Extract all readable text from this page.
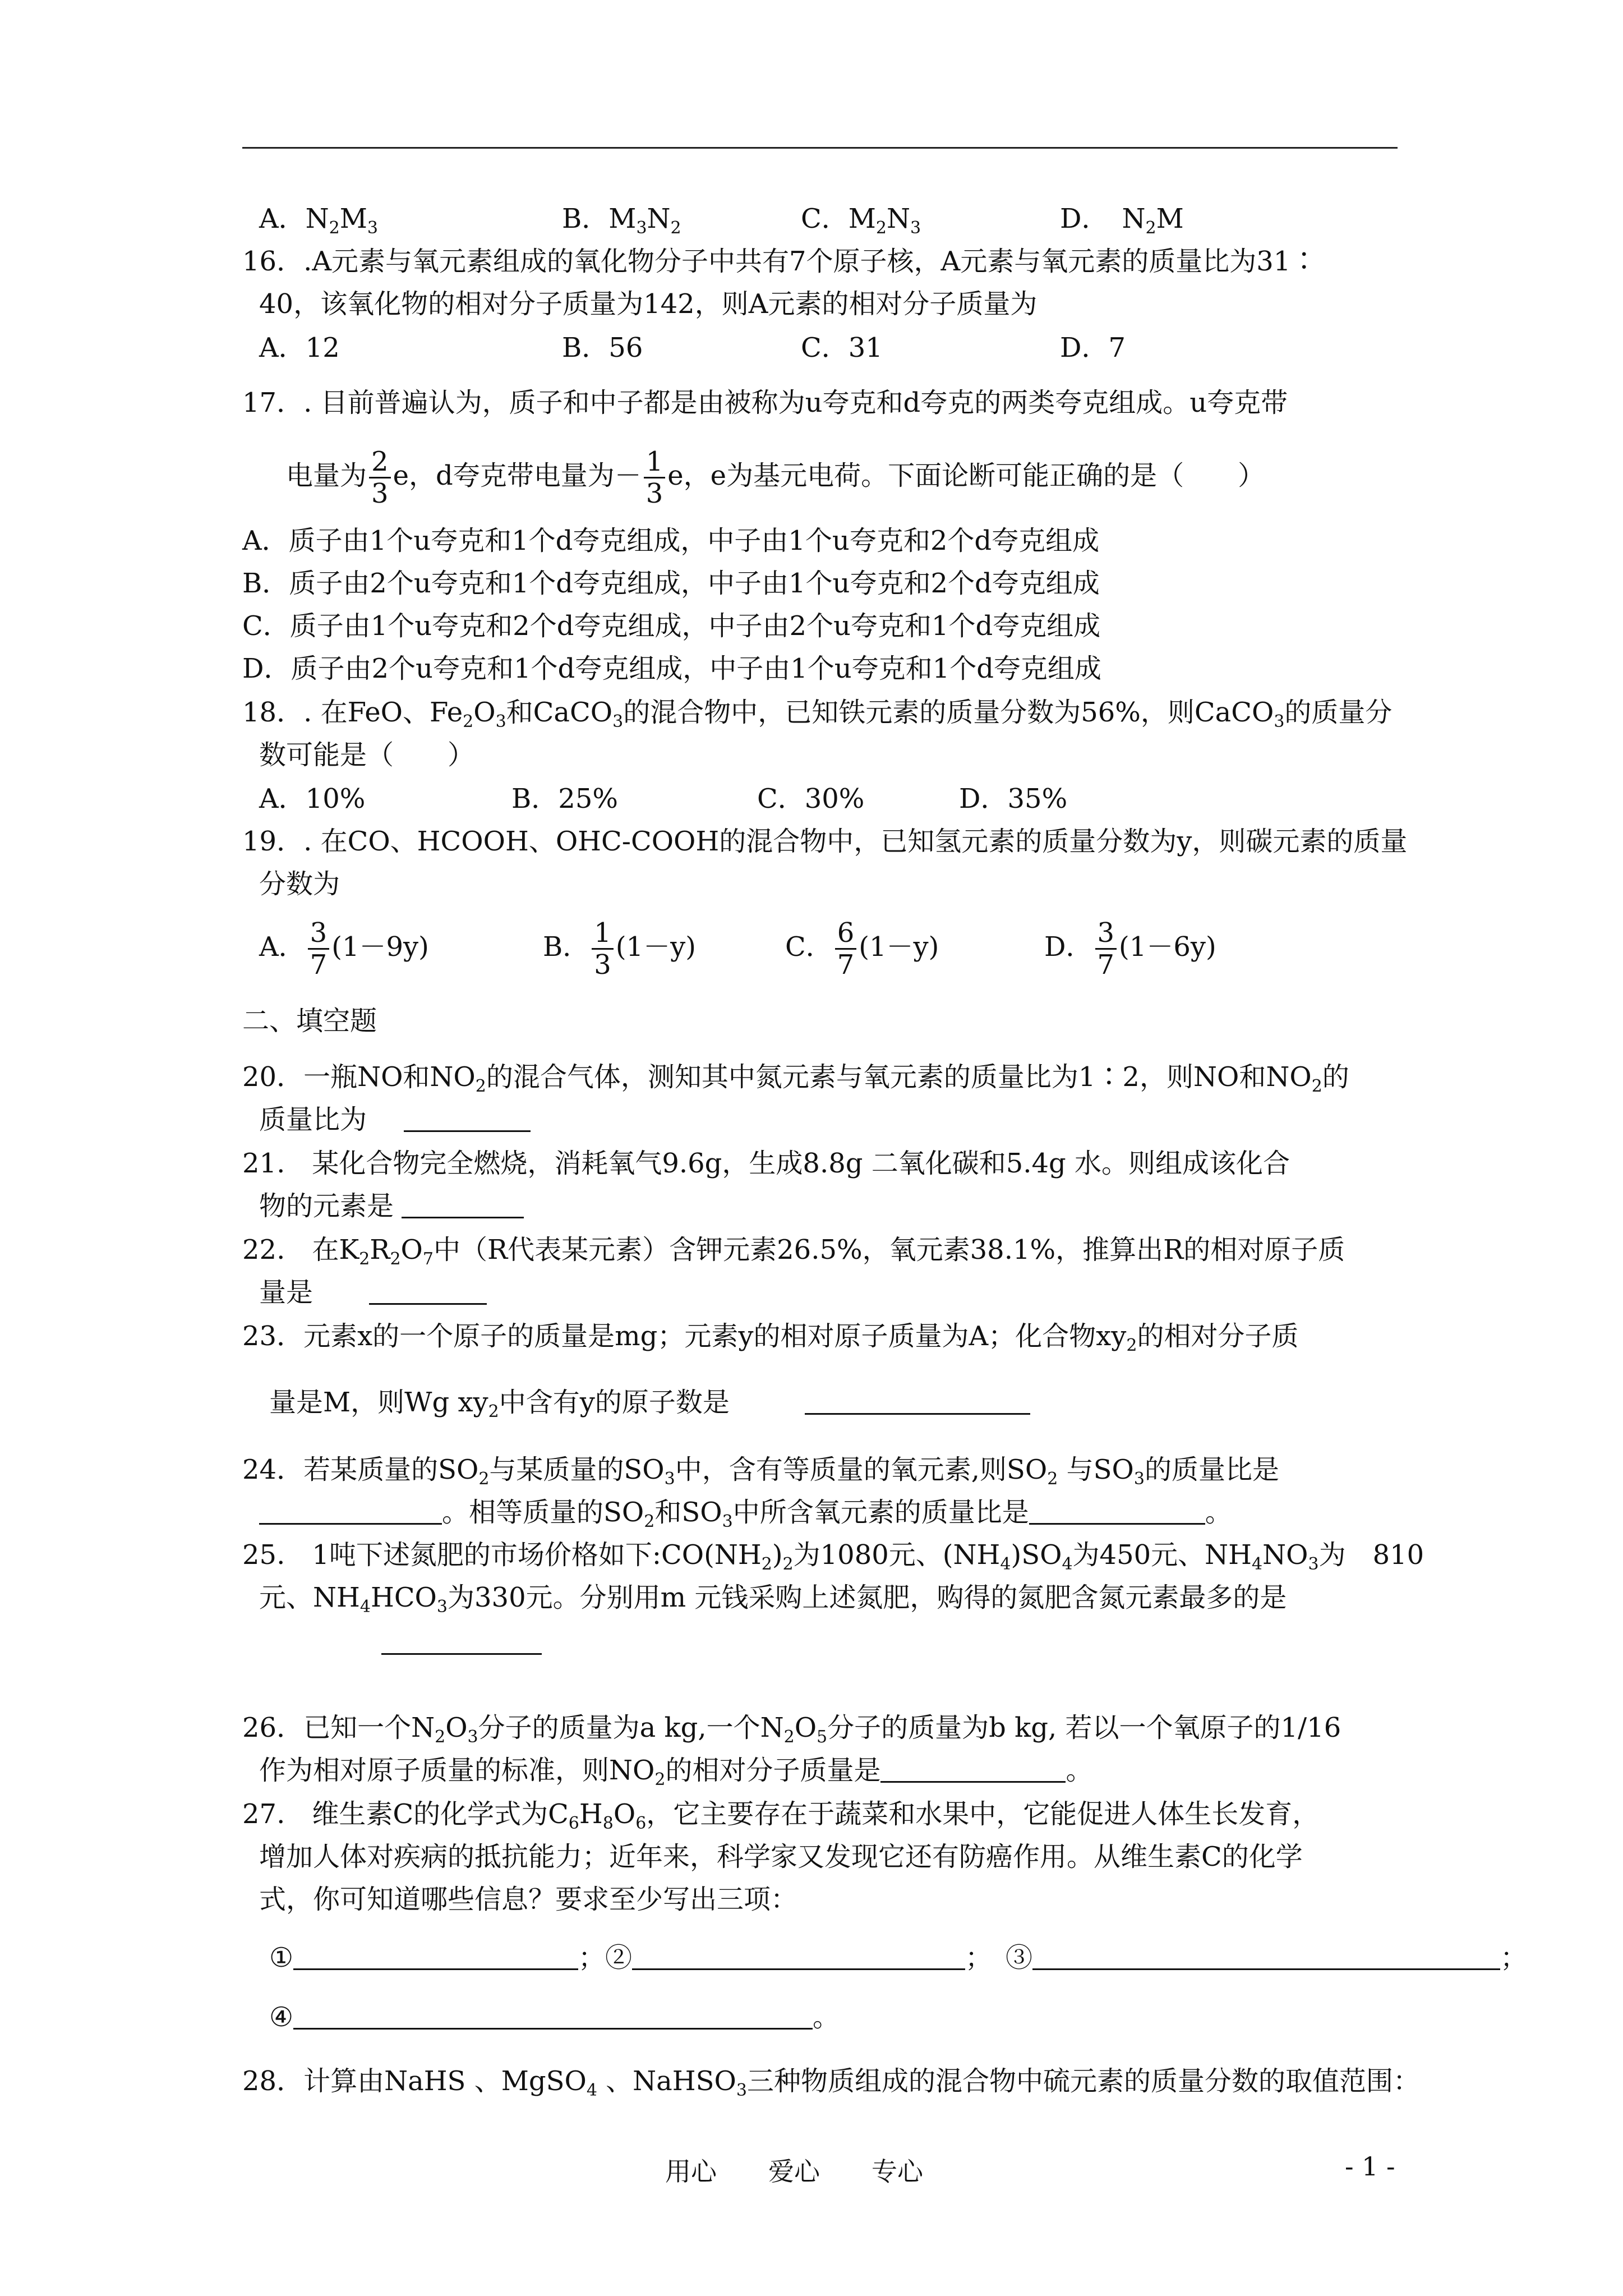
A．$N_2M_3$	B．$M_3N_2$	C．$M_2N_3$	D．　$N_2M$
16．.A元素与氧元素组成的氧化物分子中共有7个原子核，A元素与氧元素的质量比为31∶
40，该氧化物的相对分子质量为142，则A元素的相对分子质量为
A．12	B．56	C．31	D．7
17．. 目前普遍认为，质子和中子都是由被称为u夸克和d夸克的两类夸克组成。u夸克带
电量为 $\frac{2}{3}$ e，d夸克带电量为－ $\frac{1}{3}$ e，e为基元电荷。下面论断可能正确的是（　　）
A．质子由1个u夸克和1个d夸克组成，中子由1个u夸克和2个d夸克组成
B．质子由2个u夸克和1个d夸克组成，中子由1个u夸克和2个d夸克组成
C．质子由1个u夸克和2个d夸克组成，中子由2个u夸克和1个d夸克组成
D．质子由2个u夸克和1个d夸克组成，中子由1个u夸克和1个d夸克组成
18．. 在FeO、$Fe_2O_3$和CaCO$_3$的混合物中，已知铁元素的质量分数为56%，则CaCO$_3$的质量分
数可能是（　　）
A．10%	B．25%	C．30%	D．35%
19．. 在CO、HCOOH、OHC-COOH的混合物中，已知氢元素的质量分数为y，则碳元素的质量
分数为
A． $\frac{3}{7} (1-9y)$	B． $\frac{1}{3} (1-y)$	C． $\frac{6}{7} (1-y)$	D． $\frac{3}{7} (1-6y)$
二、填空题
20．一瓶NO和$NO_2$的混合气体，测知其中氮元素与氧元素的质量比为1∶2，则NO和$NO_2$的
质量比为
21.　某化合物完全燃烧，消耗氧气9.6g，生成8.8g 二氧化碳和5.4g 水。则组成该化合
物的元素是
22.　在$K_2R_2O_7$中（R代表某元素）含钾元素26.5%，氧元素38.1%，推算出R的相对原子质
量是
23．元素x的一个原子的质量是mg；元素y的相对原子质量为A；化合物$xy_2$的相对分子质
量是M，则Wg $xy_2$中含有y的原子数是
24．若某质量的$SO_2$与某质量的$SO_3$中，含有等质量的氧元素,则$SO_2$ 与$SO_3$的质量比是
。相等质量的$SO_2$和$SO_3$中所含氧元素的质量比是	。
25.　1吨下述氮肥的市场价格如下$:CO(NH_2)_2$为1080元、$(NH_4)SO_4$为450元、$NH_4NO_3$为　810
元、$NH_4HCO_3$为330元。分别用m 元钱采购上述氮肥，购得的氮肥含氮元素最多的是
26．已知一个$N_2O_3$分子的质量为a kg,一个$N_2O_5$分子的质量为b kg, 若以一个氧原子的1/16
作为相对原子质量的标准，则$NO_2$的相对分子质量是	。
27.　维生素C的化学式为$C_6H_8O_6$，它主要存在于蔬菜和水果中，它能促进人体生长发育，
增加人体对疾病的抵抗能力；近年来，科学家又发现它还有防癌作用。从维生素C的化学
式，你可知道哪些信息？要求至少写出三项：
①	；②	；　③	；
④	。
28．计算由NaHS 、MgSO$_4$ 、NaHSO$_3$三种物质组成的混合物中硫元素的质量分数的取值范围：
用心　　爱心　　专心	- 1 -
